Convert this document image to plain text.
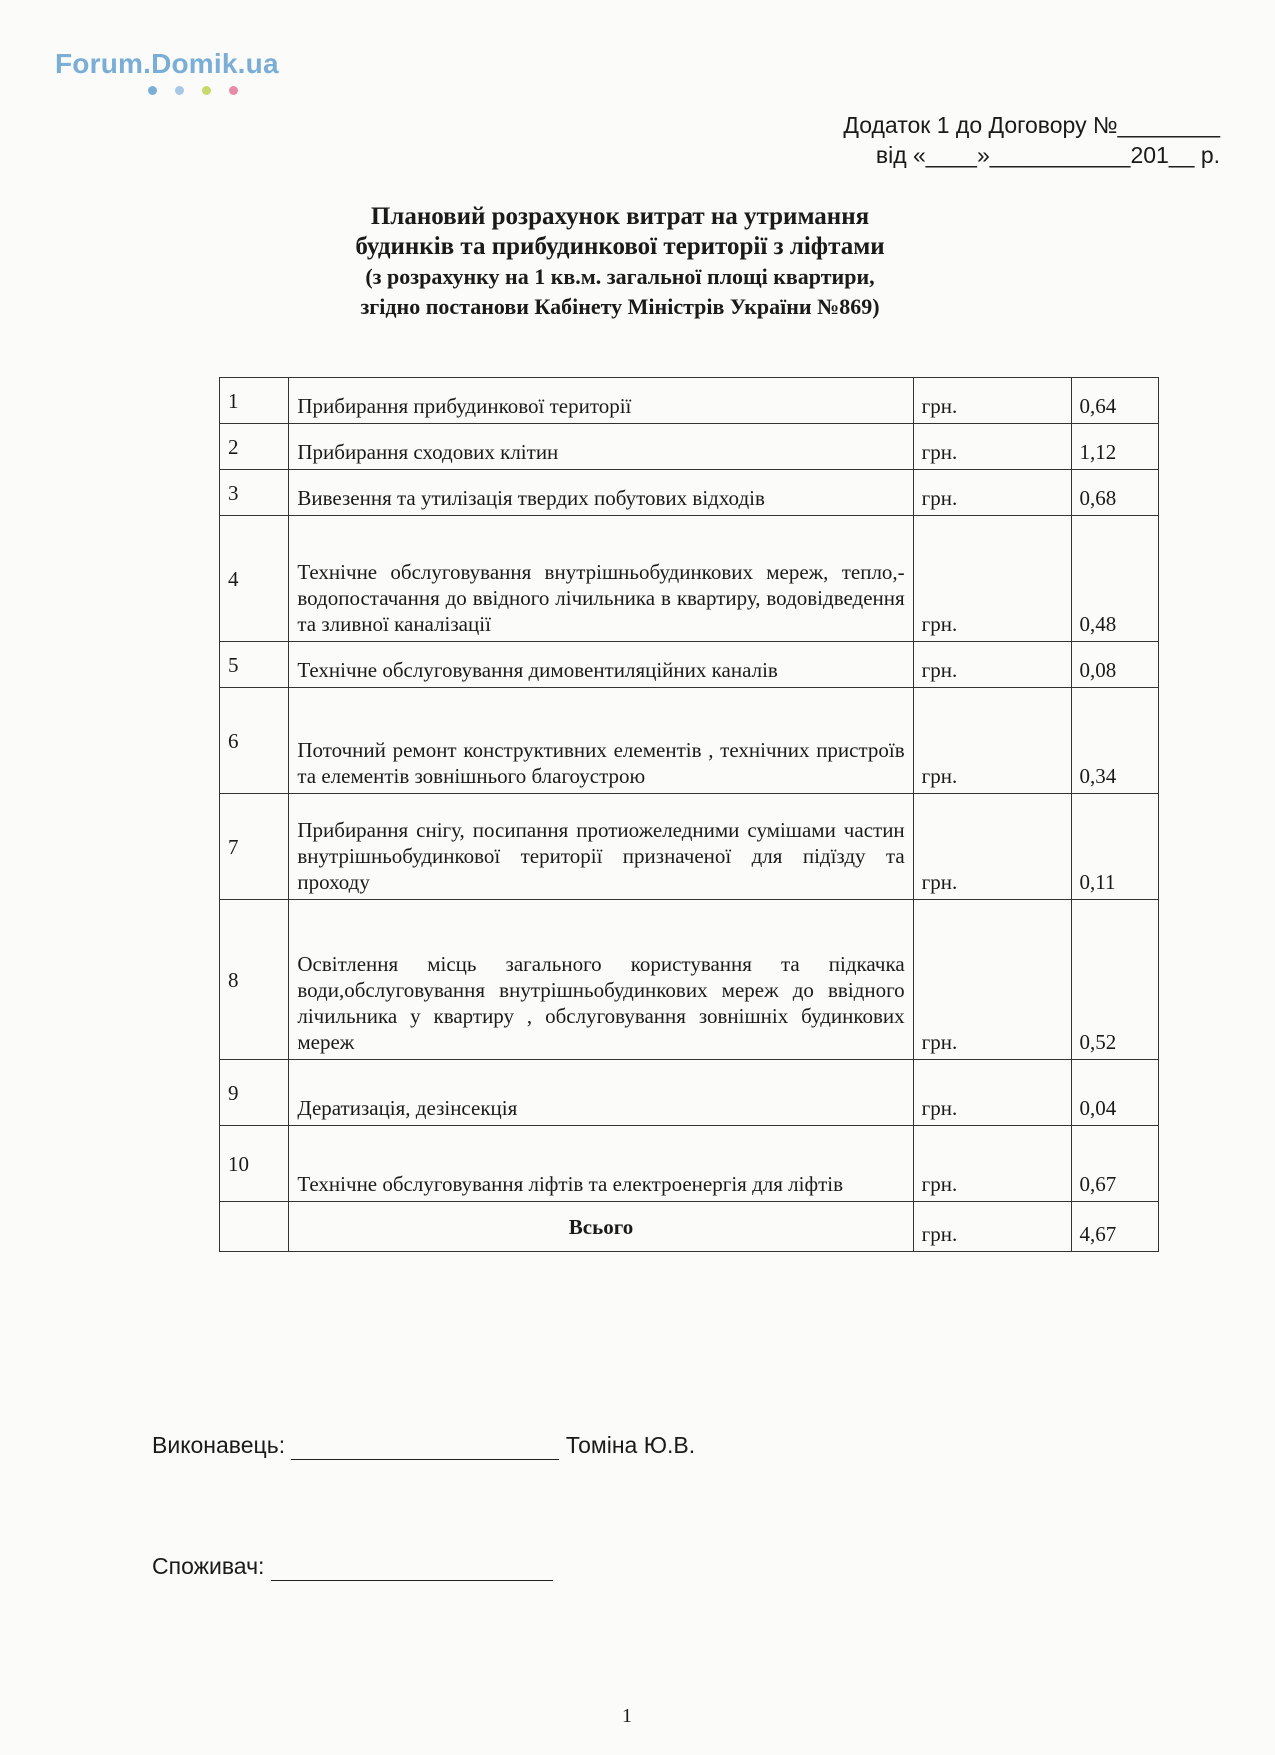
Forum.Domik.ua
Додаток 1 до Договору №________
від «____»___________201__ р.
Плановий розрахунок витрат на утримання
будинків та прибудинкової території з ліфтами
(з розрахунку на 1 кв.м. загальної площі квартири,
згідно постанови Кабінету Міністрів України №869)
1	Прибирання прибудинкової території	грн.	0,64
2	Прибирання сходових клітин	грн.	1,12
3	Вивезення та утилізація твердих побутових відходів	грн.	0,68
4	Технічне обслуговування внутрішньобудинкових мереж, тепло,- водопостачання до ввідного лічильника в квартиру, водовідведення та зливної каналізації	грн.	0,48
5	Технічне обслуговування димовентиляційних каналів	грн.	0,08
6	Поточний ремонт конструктивних елементів , технічних пристроїв та елементів зовнішнього благоустрою	грн.	0,34
7	Прибирання снігу, посипання протиожеледними сумішами частин внутрішньобудинкової території призначеної для підїзду та проходу	грн.	0,11
8	Освітлення місць загального користування та підкачка води,обслуговування внутрішньобудинкових мереж до ввідного лічильника у квартиру , обслуговування зовнішніх будинкових мереж	грн.	0,52
9	Дератизація, дезінсекція	грн.	0,04
10	Технічне обслуговування ліфтів та електроенергія для ліфтів	грн.	0,67
	Всього	грн.	4,67
Виконавець:	Томіна Ю.В.
Споживач:
1
